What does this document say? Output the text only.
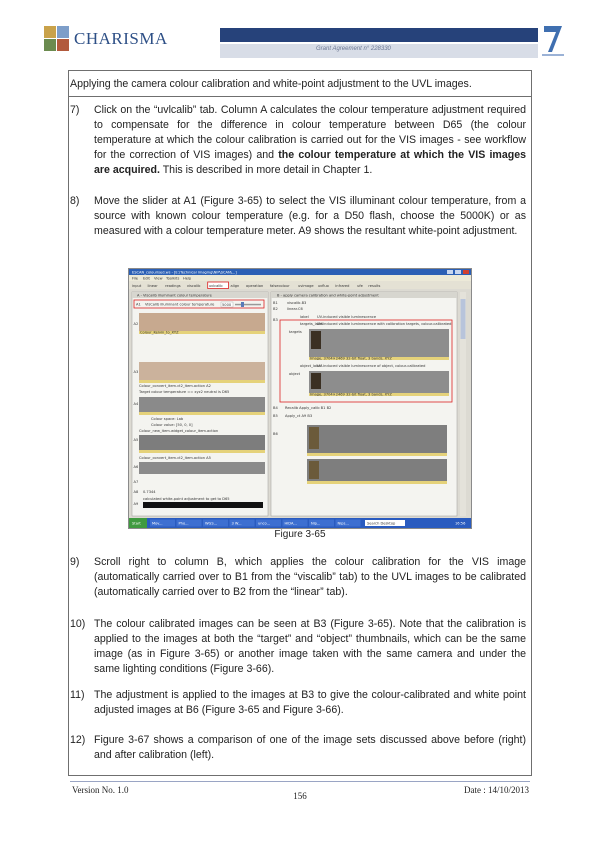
CHARISMA
Grant Agreement n° 228330
Applying the camera colour calibration and white-point adjustment to the UVL images.
7)	Click on the “uvlcalib” tab. Column A calculates the colour temperature adjustment required to compensate for the difference in colour temperature between D65 (the colour temperature at which the colour calibration is carried out for the VIS images - see workflow for the correction of VIS images) and the colour temperature at which the VIS images are acquired. This is described in more detail in Chapter 1.
8)	Move the slider at A1 (Figure 3-65) to select the VIS illuminant colour temperature, from a source with known colour temperature (e.g. for a D50 flash, choose the 5000K) or as measured with a colour temperature meter. A9 shows the resultant white-point adjustment.
ESCAN_colourised.ws - [E:\Technical Imaging\NIP\SCAN\...]
File Edit View Toolkits Help
input linear readings viscalib uvlcalib align operation falsecolour uvimage uvfluo infrared ufe results
A - Viscalib illuminant colour temperature
A1 VisCalib illuminant colour temperature 5000
Colour_Kelvin_to_XYZ
Colour_convert_item.ct2_item.action A2
Target colour temperature == xyz2 neutral is D65
Colour space: Lab
Colour value: [50, 0, 0]
Colour_new_item.widget_colour_item.action
Colour_convert_item.ct2_item.action A5
0.7344
calculated white-point adjustment to get to D65
A2
A3
A4
A5
A6
A7
A8
A9
B - apply camera calibration and white-point adjustment
viscalib.B3
linear.C6
label UV-induced visible luminescence
targets_label
UV-induced visible luminescence with calibration targets, colour-calibrated
targets
Image, 3704×2469 32-bit float, 3 bands, XYZ
object_label
UV-induced visible luminescence of object, colour-calibrated
object
Image, 3704×2469 32-bit float, 3 bands, XYZ
Recalib Apply_calib B1 B2
Apply_ct A9 B3
B1
B2
B3
B4
B5
B6
Start	Mov...	Pho...	WGS...	3 W...	unco...	HIDA...	Nip...	Nips...	Search Desktop	16:56
Figure 3-65
9)	Scroll right to column B, which applies the colour calibration for the VIS image (automatically carried over to B1 from the “viscalib” tab) to the UVL images to be calibrated (automatically carried over to B2 from the “linear” tab).
10) The colour calibrated images can be seen at B3 (Figure 3-65). Note that the calibration is applied to the images at both the “target” and “object” thumbnails, which can be the same image (as in Figure 3-65) or another image taken with the same camera and under the same lighting conditions (Figure 3-66).
11) The adjustment is applied to the images at B3 to give the colour-calibrated and white point adjusted images at B6 (Figure 3-65 and Figure 3-66).
12) Figure 3-67 shows a comparison of one of the image sets discussed above before (right) and after calibration (left).
Version No. 1.0
156
Date : 14/10/2013
